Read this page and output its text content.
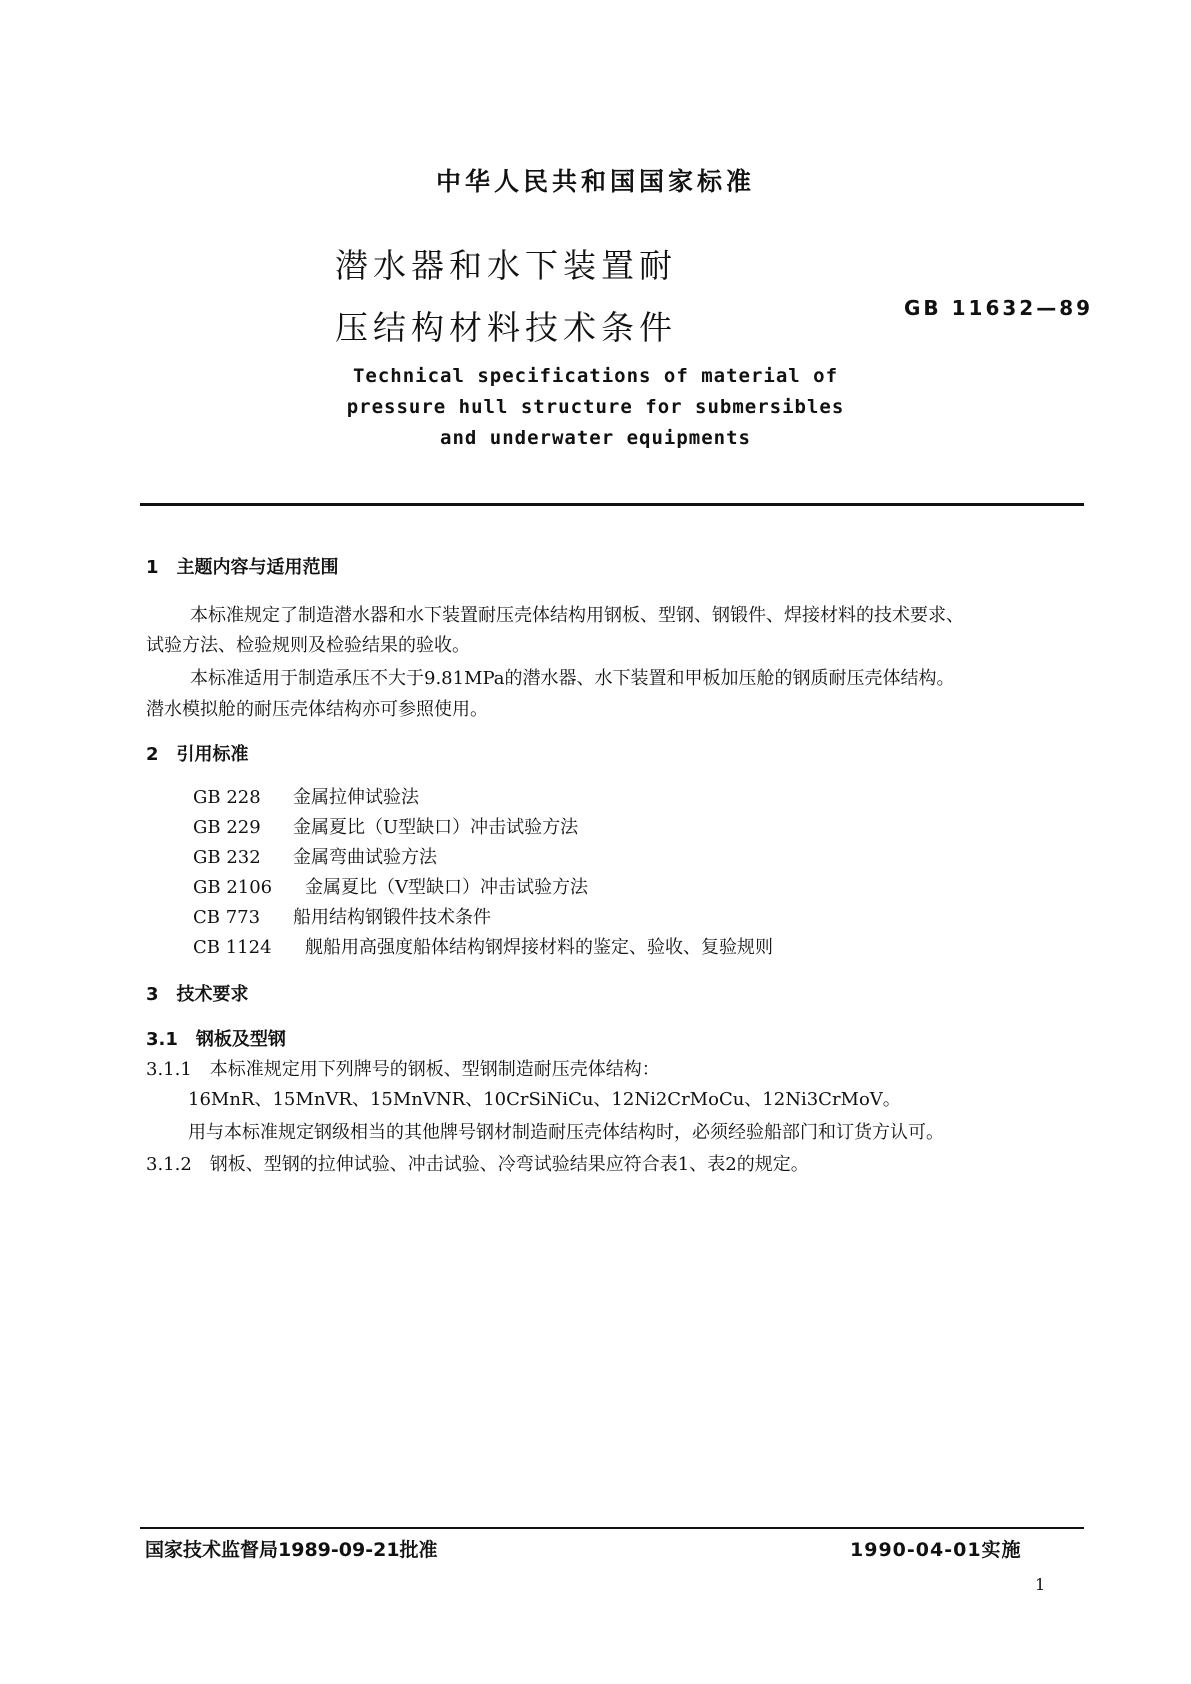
中华人民共和国国家标准
潜水器和水下装置耐
压结构材料技术条件	GB 11632—89
Technical specifications of material of
pressure hull structure for submersibles
and underwater equipments
1　主题内容与适用范围
本标准规定了制造潜水器和水下装置耐压壳体结构用钢板、型钢、钢锻件、焊接材料的技术要求、
试验方法、检验规则及检验结果的验收。
本标准适用于制造承压不大于9.81MPa的潜水器、水下装置和甲板加压舱的钢质耐压壳体结构。
潜水模拟舱的耐压壳体结构亦可参照使用。
2　引用标准
GB 228 金属拉伸试验法
GB 229 金属夏比（U型缺口）冲击试验方法
GB 232 金属弯曲试验方法
GB 2106 金属夏比（V型缺口）冲击试验方法
CB 773 船用结构钢锻件技术条件
CB 1124 舰船用高强度船体结构钢焊接材料的鉴定、验收、复验规则
3　技术要求
3.1　钢板及型钢
3.1.1　本标准规定用下列牌号的钢板、型钢制造耐压壳体结构：
16MnR、15MnVR、15MnVNR、10CrSiNiCu、12Ni2CrMoCu、12Ni3CrMoV。
用与本标准规定钢级相当的其他牌号钢材制造耐压壳体结构时，必须经验船部门和订货方认可。
3.1.2　钢板、型钢的拉伸试验、冲击试验、冷弯试验结果应符合表1、表2的规定。
国家技术监督局1989-09-21批准	1990-04-01实施
1
